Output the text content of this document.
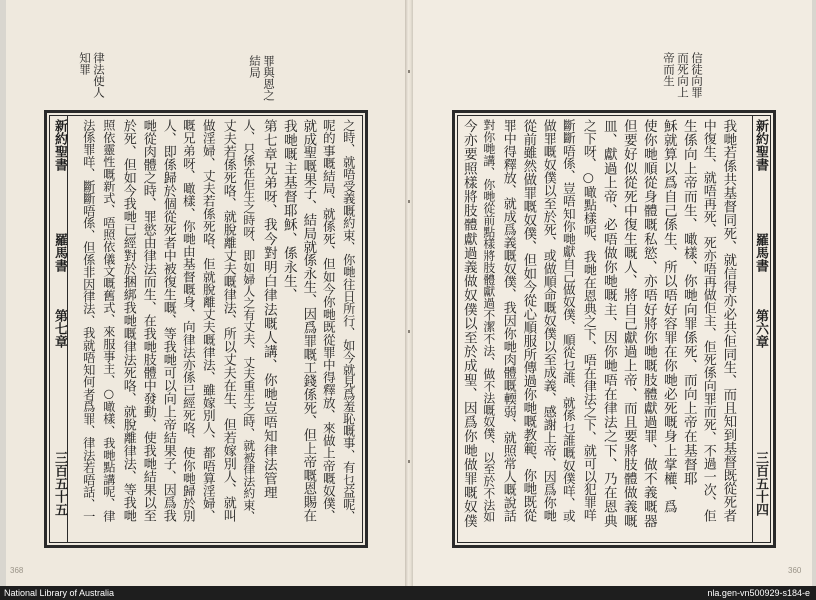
律法使人
知罪	罪與恩之
結局	信徒向罪
而死向上
帝而生
新約聖書
羅馬書
第七章
三百五十五	之時、就唔受義嘅約束、你哋往日所行、如今就見爲羞恥嘅事、有乜益呢、
呢的事嘅結局、就係死、但如今你哋既從罪中得釋放、來做上帝嘅奴僕、
就成聖嘅果子、結局就係永生、因爲罪嘅工錢係死、但上帝嘅恩賜在
我哋嘅主基督耶穌、係永生、
第七章兄弟呀、我今對明白律法嘅人講、你哋豈唔知律法管理
人、只係在佢生之時呀、即如婦人之有丈夫、丈夫重生之時、就被律法約束、
丈夫若係死咯、就脫離丈夫嘅律法、所以丈夫在生、但若嫁別人、就叫
做淫婦、丈夫若係死咯、佢就脫離丈夫嘅律法、雖嫁別人、都唔算淫婦、
嘅兄弟呀、噉樣、你哋由基督嘅身、向律法亦係已經死咯、使你哋歸於別
人、即係歸於個從死者中被復生嘅、等我哋可以向上帝結果子、因爲我
哋從肉體之時、罪慾由律法而生、在我哋肢體中發動、使我哋結果以至
於死、但如今我哋已經對於捆綁我哋嘅律法死咯、就脫離律法、等我哋
照依靈性嘅新式、唔照依儀文嘅舊式、來服事主、○噉樣、我哋點講呢、律
法係罪咩、斷斷唔係、但係非因律法、我就唔知何者爲罪、律法若唔話、一	新約聖書
羅馬書
第六章
三百五十四
我哋若係共基督同死、就信得亦必共佢同生、而且知到基督既從死者
中復生、就唔再死、死亦唔再做佢主、佢死係向罪而死、不過一次、佢
生係向上帝而生、噉樣、你哋向罪係死、而向上帝在基督耶
穌就算以爲自己係生、所以唔好容罪在你哋必死嘅身上掌權、爲
使你哋順從身體嘅私慾、亦唔好將你哋嘅肢體獻過罪、做不義嘅器
但要好似從死中復生嘅人、將自己獻過上帝、而且要將肢體做義嘅
皿、獻過上帝、必唔做你哋嘅主、因你哋唔在律法之下、乃在恩典
之下呀、○噉點樣呢、我哋在恩典之下、唔在律法之下、就可以犯罪咩
斷斷唔係、豈唔知你哋獻自己做奴僕、順從乜誰、就係乜誰嘅奴僕咩、或
做罪嘅奴僕以至於死、或做順命嘅奴僕以至成義、感謝上帝、因爲你哋
從前雖然做罪嘅奴僕、但如今從心順服所傳過你哋嘅教範、你哋既從
罪中得釋放、就成爲義嘅奴僕、我因你哋肉體嘅輭弱、就照常人嘅說話
對你哋講、你哋從前點樣將肢體獻過不潔不法、做不法嘅奴僕、以至於不法如
今亦要照樣將肢體獻過義做奴僕以至於成聖、因爲你哋做罪嘅奴僕
368	360
National Library of Australia	nla.gen-vn500929-s184-e
